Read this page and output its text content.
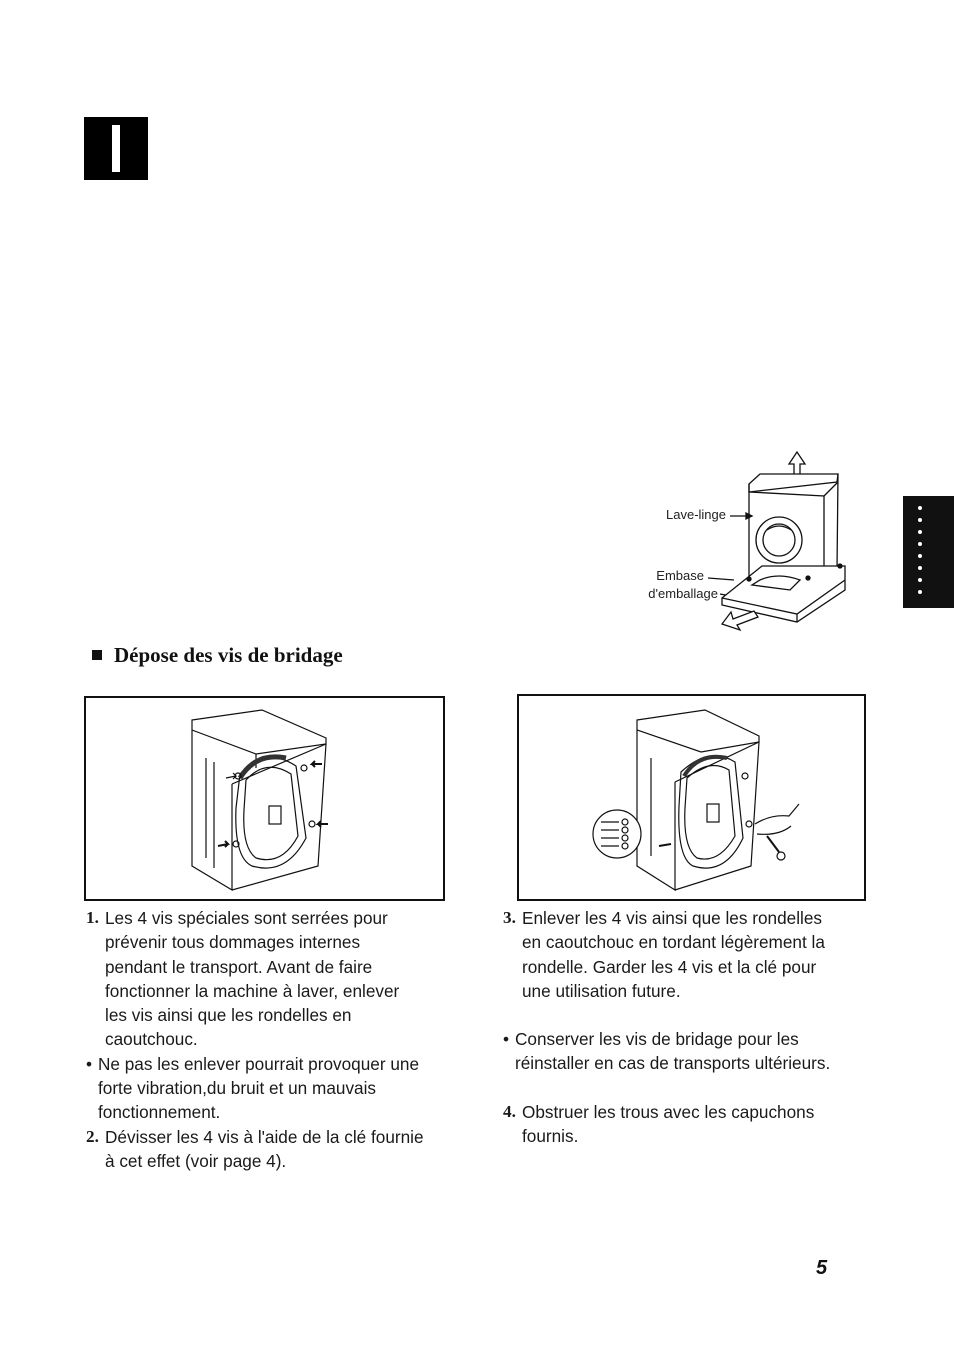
Lave-linge
Embase
d'emballage
Dépose des vis de bridage
1. Les 4 vis spéciales sont serrées pour
prévenir tous dommages internes
pendant le transport. Avant de faire
fonctionner la machine à laver, enlever
les vis ainsi que les rondelles en
caoutchouc.
• Ne pas les enlever pourrait provoquer une
forte vibration,du bruit et un mauvais
fonctionnement.
2. Dévisser les 4 vis à l'aide de la clé fournie
à cet effet (voir page 4).
3. Enlever les 4 vis ainsi que les rondelles
en caoutchouc en tordant légèrement la
rondelle. Garder les 4 vis et la clé pour
une utilisation future.
• Conserver les vis de bridage pour les
réinstaller en cas de transports ultérieurs.
4. Obstruer les trous avec les capuchons
fournis.
5
